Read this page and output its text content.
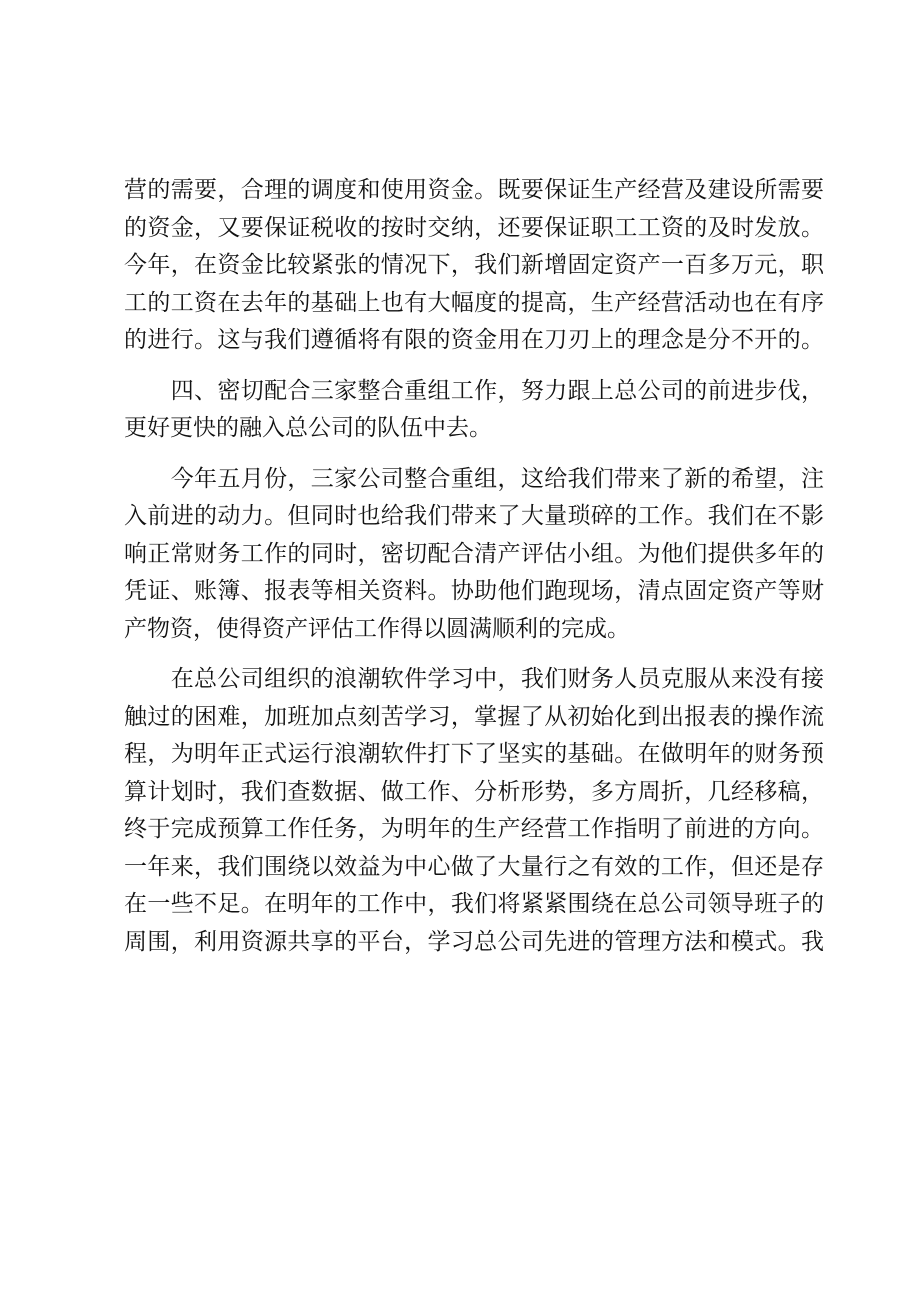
营的需要，合理的调度和使用资金。既要保证生产经营及建设所需要
的资金，又要保证税收的按时交纳，还要保证职工工资的及时发放。
今年，在资金比较紧张的情况下，我们新增固定资产一百多万元，职
工的工资在去年的基础上也有大幅度的提高，生产经营活动也在有序
的进行。这与我们遵循将有限的资金用在刀刃上的理念是分不开的。
　　四、密切配合三家整合重组工作，努力跟上总公司的前进步伐，
更好更快的融入总公司的队伍中去。
　　今年五月份，三家公司整合重组，这给我们带来了新的希望，注
入前进的动力。但同时也给我们带来了大量琐碎的工作。我们在不影
响正常财务工作的同时，密切配合清产评估小组。为他们提供多年的
凭证、账簿、报表等相关资料。协助他们跑现场，清点固定资产等财
产物资，使得资产评估工作得以圆满顺利的完成。
　　在总公司组织的浪潮软件学习中，我们财务人员克服从来没有接
触过的困难，加班加点刻苦学习，掌握了从初始化到出报表的操作流
程，为明年正式运行浪潮软件打下了坚实的基础。在做明年的财务预
算计划时，我们查数据、做工作、分析形势，多方周折，几经移稿，
终于完成预算工作任务，为明年的生产经营工作指明了前进的方向。
一年来，我们围绕以效益为中心做了大量行之有效的工作，但还是存
在一些不足。在明年的工作中，我们将紧紧围绕在总公司领导班子的
周围，利用资源共享的平台，学习总公司先进的管理方法和模式。我
